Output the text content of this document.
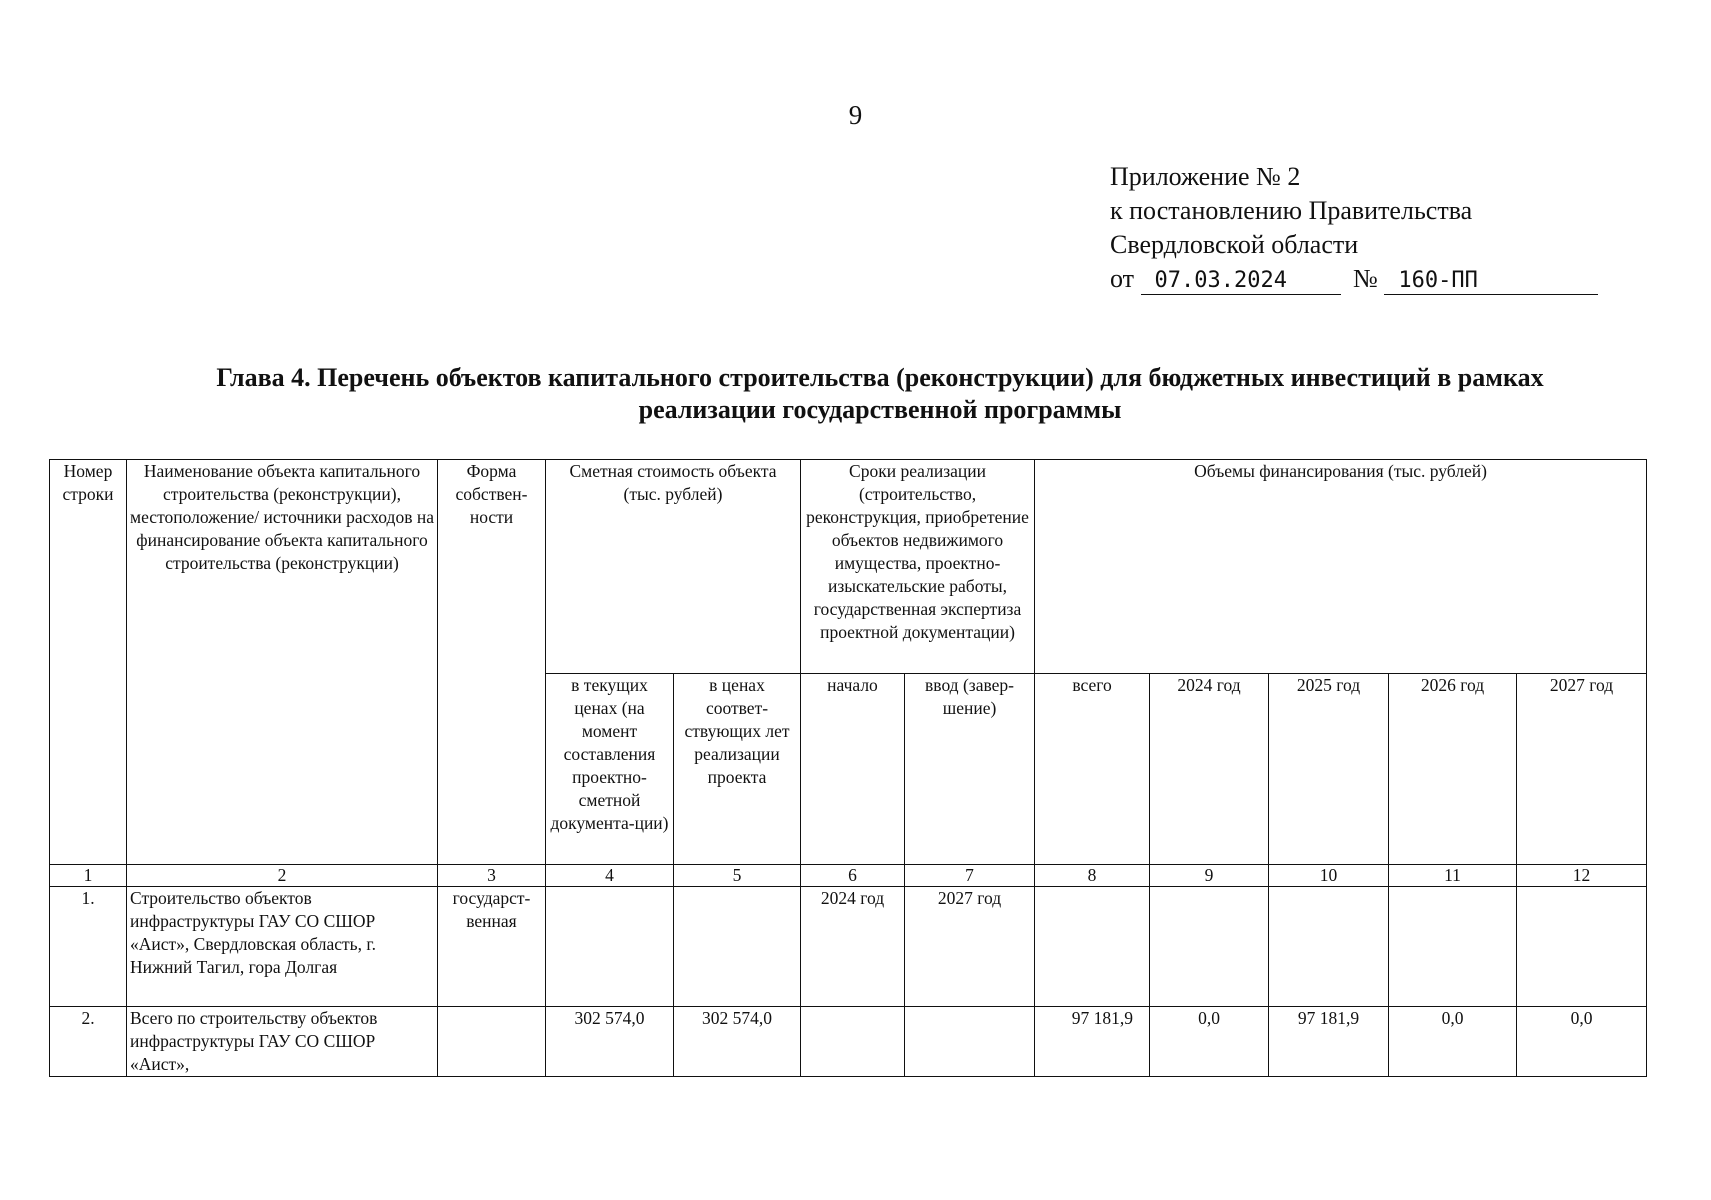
9
Приложение № 2
к постановлению Правительства
Свердловской области
от 07.03.2024	№ 160-ПП
Глава 4. Перечень объектов капитального строительства (реконструкции) для бюджетных инвестиций в рамках
реализации государственной программы
Номер строки	Наименование объекта капитального строительства (реконструкции), местоположение/ источники расходов на финансирование объекта капитального строительства (реконструкции)	Форма собствен-ности	Сметная стоимость объекта (тыс. рублей)		Сроки реализации (строительство, реконструкция, приобретение объектов недвижимого имущества, проектно-изыскательские работы, государственная экспертиза проектной документации)		Объемы финансирования (тыс. рублей)				
			в текущих ценах (на момент составления проектно-сметной документа-ции)	в ценах соответ-ствующих лет реализации проекта	начало	ввод (завер-шение)	всего	2024 год	2025 год	2026 год	2027 год
1	2	3	4	5	6	7	8	9	10	11	12
1.	Строительство объектов инфраструктуры ГАУ СО СШОР «Аист», Свердловская область, г. Нижний Тагил, гора Долгая	государст-венная			2024 год	2027 год					
2.	Всего по строительству объектов инфраструктуры ГАУ СО СШОР «Аист»,		302 574,0	302 574,0			97 181,9	0,0	97 181,9	0,0	0,0
